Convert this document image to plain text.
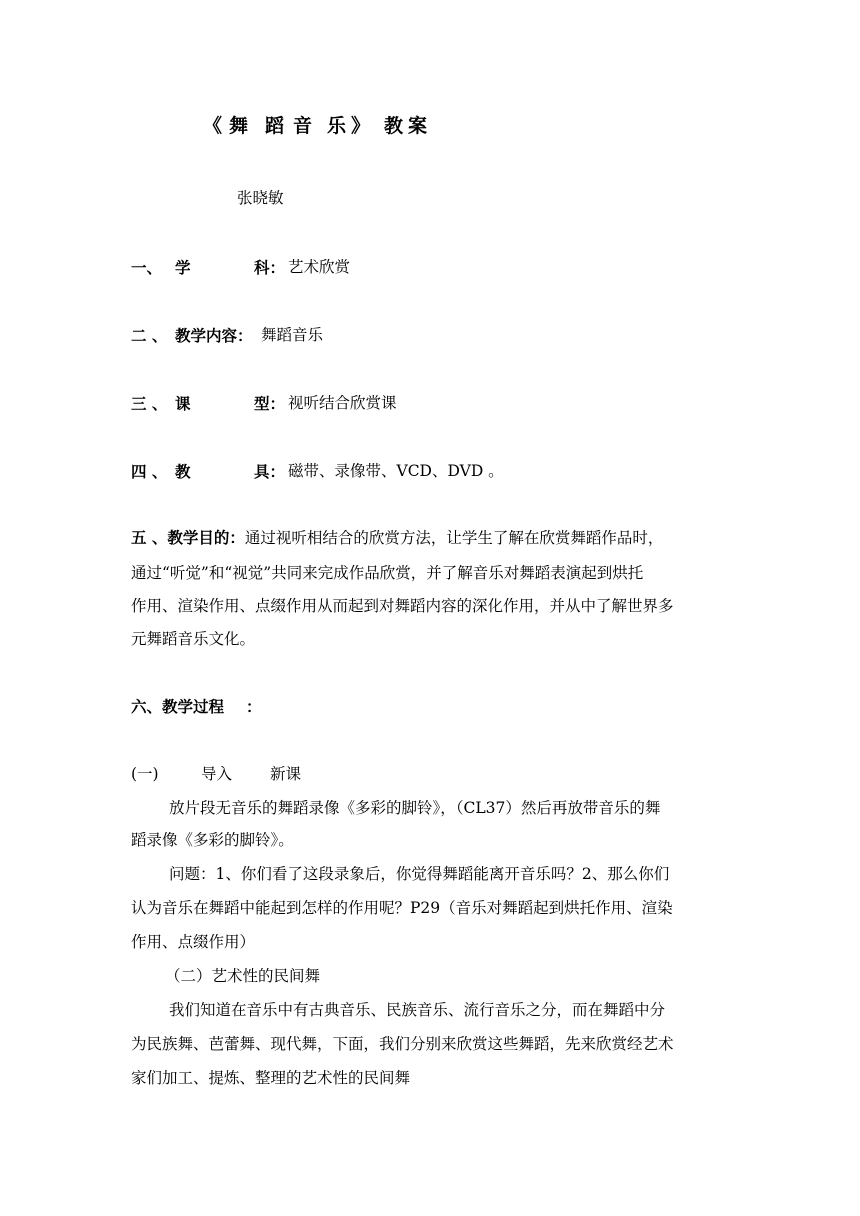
《 舞 蹈 音 乐 》 教 案
张晓敏
一、 学	科： 艺术欣赏
二 、 教学内容： 舞蹈音乐
三 、 课	型： 视听结合欣赏课
四 、 教	具： 磁带、录像带、VCD、DVD 。
五 、教学目的：通过视听相结合的欣赏方法，让学生了解在欣赏舞蹈作品时，
通过“听觉”和“视觉”共同来完成作品欣赏，并了解音乐对舞蹈表演起到烘托
作用、渲染作用、点缀作用从而起到对舞蹈内容的深化作用，并从中了解世界多
元舞蹈音乐文化。
六、教学过程 ：
(一)	导入 新课
放片段无音乐的舞蹈录像《多彩的脚铃》，（CL37）然后再放带音乐的舞
蹈录像《多彩的脚铃》。
问题：1、你们看了这段录象后，你觉得舞蹈能离开音乐吗？2、那么你们
认为音乐在舞蹈中能起到怎样的作用呢？P29（音乐对舞蹈起到烘托作用、渲染
作用、点缀作用）
（二）艺术性的民间舞
我们知道在音乐中有古典音乐、民族音乐、流行音乐之分，而在舞蹈中分
为民族舞、芭蕾舞、现代舞，下面，我们分别来欣赏这些舞蹈，先来欣赏经艺术
家们加工、提炼、整理的艺术性的民间舞
